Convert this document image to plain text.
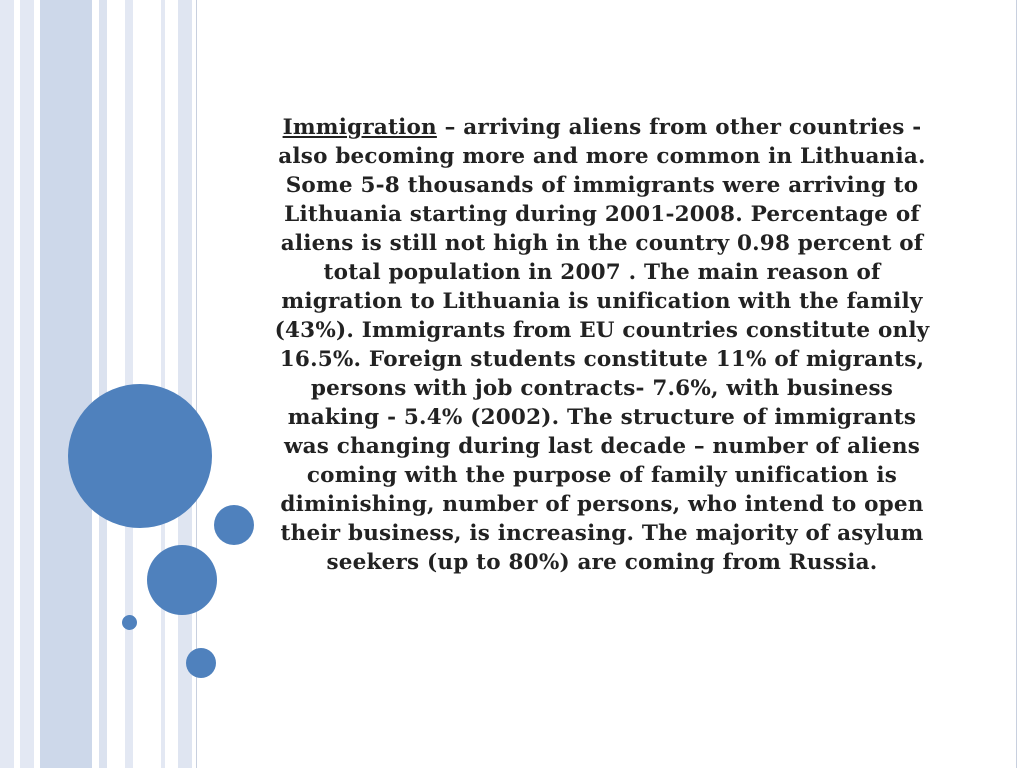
Immigration – arriving aliens from other countries - also becoming more and more common in Lithuania. Some 5-8 thousands of immigrants were arriving to Lithuania starting during 2001-2008. Percentage of aliens is still not high in the country 0.98 percent of total population in 2007 . The main reason of migration to Lithuania is unification with the family (43%). Immigrants from EU countries constitute only 16.5%. Foreign students constitute 11% of migrants, persons with job contracts- 7.6%, with business making - 5.4% (2002). The structure of immigrants was changing during last decade – number of aliens coming with the purpose of family unification is diminishing, number of persons, who intend to open their business, is increasing. The majority of asylum seekers (up to 80%) are coming from Russia.
